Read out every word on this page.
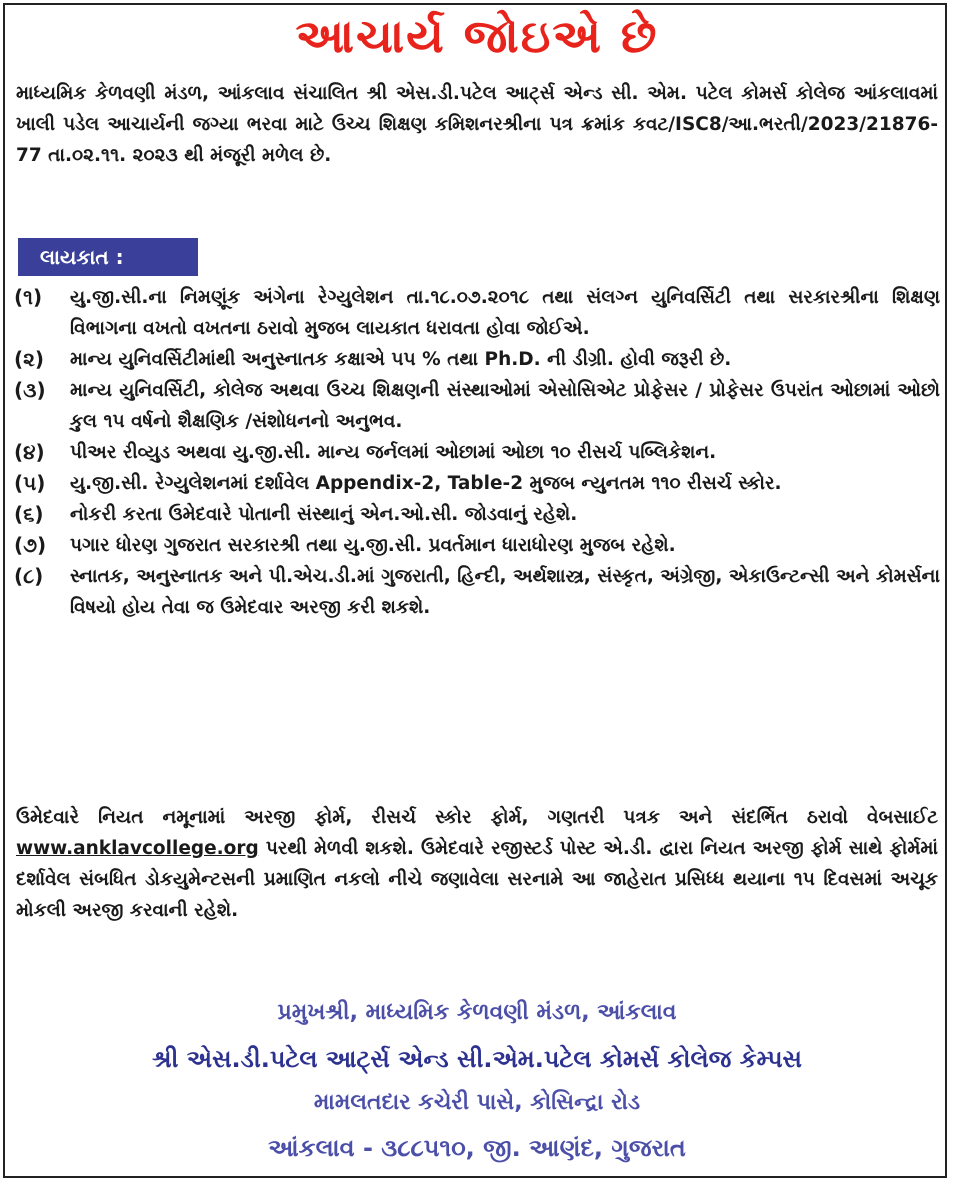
આચાર્ય જોઇએ છે
માધ્યમિક કેળવણી મંડળ, આંકલાવ સંચાલિત શ્રી એસ.ડી.પટેલ આર્ટ્સ એન્ડ સી. એમ. પટેલ કોમર્સ કોલેજ આંકલાવમાં ખાલી પડેલ આચાર્યની જગ્યા ભરવા માટે ઉચ્ચ શિક્ષણ કમિશનરશ્રીના પત્ર ક્રમાંક કવટ/ISC8/આ.ભરતી/2023/21876-77 તા.૦૨.૧૧. ૨૦૨૩ થી મંજૂરી મળેલ છે.
લાયકાત :
(૧)	યુ.જી.સી.ના નિમણૂંક અંગેના રેગ્યુલેશન તા.૧૮.૦૭.૨૦૧૮ તથા સંલગ્ન યુનિવર્સિટી તથા સરકારશ્રીના શિક્ષણ વિભાગના વખતો વખતના ઠરાવો મુજબ લાયકાત ધરાવતા હોવા જોઈએ.
(૨)	માન્ય યુનિવર્સિટીમાંથી અનુસ્નાતક કક્ષાએ ૫૫ % તથા Ph.D. ની ડીગ્રી. હોવી જરૂરી છે.
(૩)	માન્ય યુનિવર્સિટી, કોલેજ અથવા ઉચ્ચ શિક્ષણની સંસ્થાઓમાં એસોસિએટ પ્રોફેસર / પ્રોફેસર ઉપરાંત ઓછામાં ઓછો કુલ ૧૫ વર્ષનો શૈક્ષણિક /સંશોધનનો અનુભવ.
(૪)	પીઅર રીવ્યુડ અથવા યુ.જી.સી. માન્ય જર્નલમાં ઓછામાં ઓછા ૧૦ રીસર્ચ પબ્લિકેશન.
(૫)	યુ.જી.સી. રેગ્યુલેશનમાં દર્શાવેલ Appendix-2, Table-2 મુજબ ન્યુનતમ ૧૧૦ રીસર્ચ સ્કોર.
(૬)	નોકરી કરતા ઉમેદવારે પોતાની સંસ્થાનું એન.ઓ.સી. જોડવાનું રહેશે.
(૭)	પગાર ધોરણ ગુજરાત સરકારશ્રી તથા યુ.જી.સી. પ્રવર્તમાન ધારાધોરણ મુજબ રહેશે.
(૮)	સ્નાતક, અનુસ્નાતક અને પી.એચ.ડી.માં ગુજરાતી, હિન્દી, અર્થશાસ્ત્ર, સંસ્કૃત, અંગ્રેજી, એકાઉન્ટન્સી અને કોમર્સના વિષયો હોય તેવા જ ઉમેદવાર અરજી કરી શકશે.
ઉમેદવારે નિયત નમૂનામાં અરજી ફોર્મ, રીસર્ચ સ્કોર ફોર્મ, ગણતરી પત્રક અને સંદર્ભિત ઠરાવો વેબસાઈટ www.anklavcollege.org પરથી મેળવી શકશે. ઉમેદવારે રજીસ્ટર્ડ પોસ્ટ એ.ડી. દ્વારા નિયત અરજી ફોર્મ સાથે ફોર્મમાં દર્શાવેલ સંબધિત ડોકયુમેન્ટસની પ્રમાણિત નકલો નીચે જણાવેલા સરનામે આ જાહેરાત પ્રસિધ્ધ થયાના ૧૫ દિવસમાં અચૂક મોકલી અરજી કરવાની રહેશે.
પ્રમુખશ્રી, માધ્યમિક કેળવણી મંડળ, આંકલાવ
શ્રી એસ.ડી.પટેલ આર્ટ્સ એન્ડ સી.એમ.પટેલ કોમર્સ કોલેજ કેમ્પસ
મામલતદાર કચેરી પાસે, કોસિન્દ્રા રોડ
આંકલાવ - ૩૮૮૫૧૦, જી. આણંદ, ગુજરાત
